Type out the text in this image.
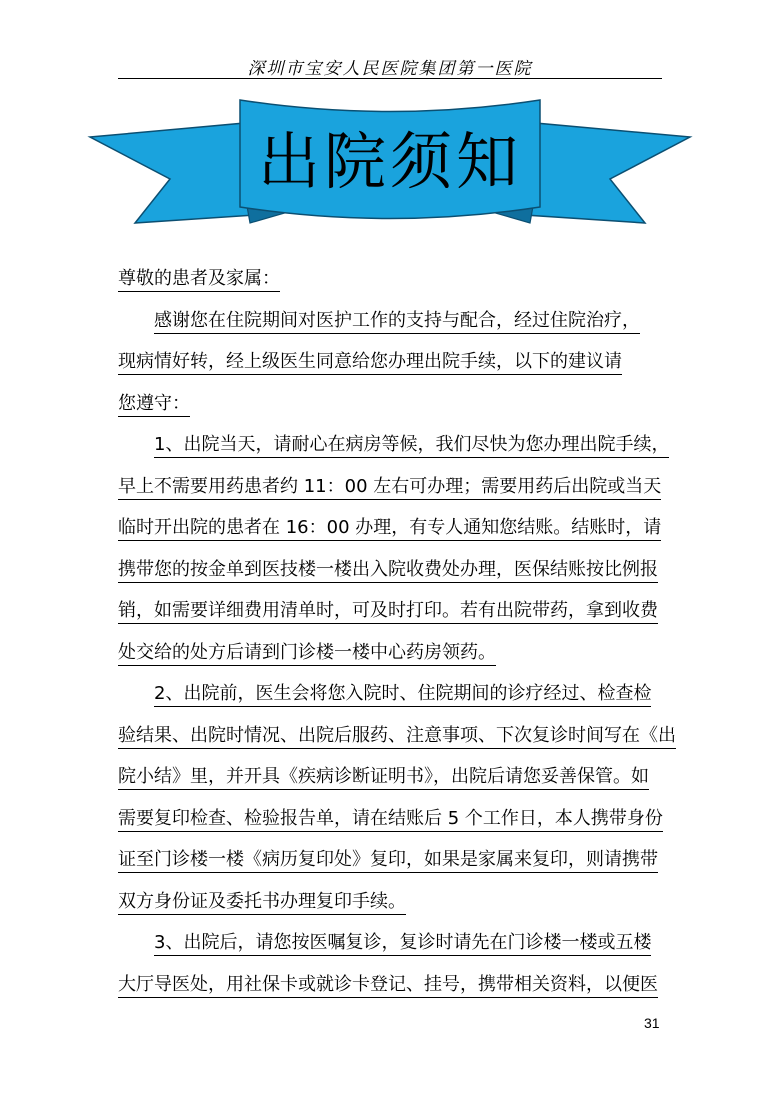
深圳市宝安人民医院集团第一医院
出院须知
尊敬的患者及家属：
感谢您在住院期间对医护工作的支持与配合，经过住院治疗，
现病情好转，经上级医生同意给您办理出院手续，以下的建议请
您遵守：
1、出院当天，请耐心在病房等候，我们尽快为您办理出院手续，
早上不需要用药患者约 11：00 左右可办理；需要用药后出院或当天
临时开出院的患者在 16：00 办理，有专人通知您结账。结账时，请
携带您的按金单到医技楼一楼出入院收费处办理，医保结账按比例报
销，如需要详细费用清单时，可及时打印。若有出院带药，拿到收费
处交给的处方后请到门诊楼一楼中心药房领药。
2、出院前，医生会将您入院时、住院期间的诊疗经过、检查检
验结果、出院时情况、出院后服药、注意事项、下次复诊时间写在《出
院小结》里，并开具《疾病诊断证明书》，出院后请您妥善保管。如
需要复印检查、检验报告单，请在结账后 5 个工作日，本人携带身份
证至门诊楼一楼《病历复印处》复印，如果是家属来复印，则请携带
双方身份证及委托书办理复印手续。
3、出院后，请您按医嘱复诊，复诊时请先在门诊楼一楼或五楼
大厅导医处，用社保卡或就诊卡登记、挂号，携带相关资料，以便医
31
